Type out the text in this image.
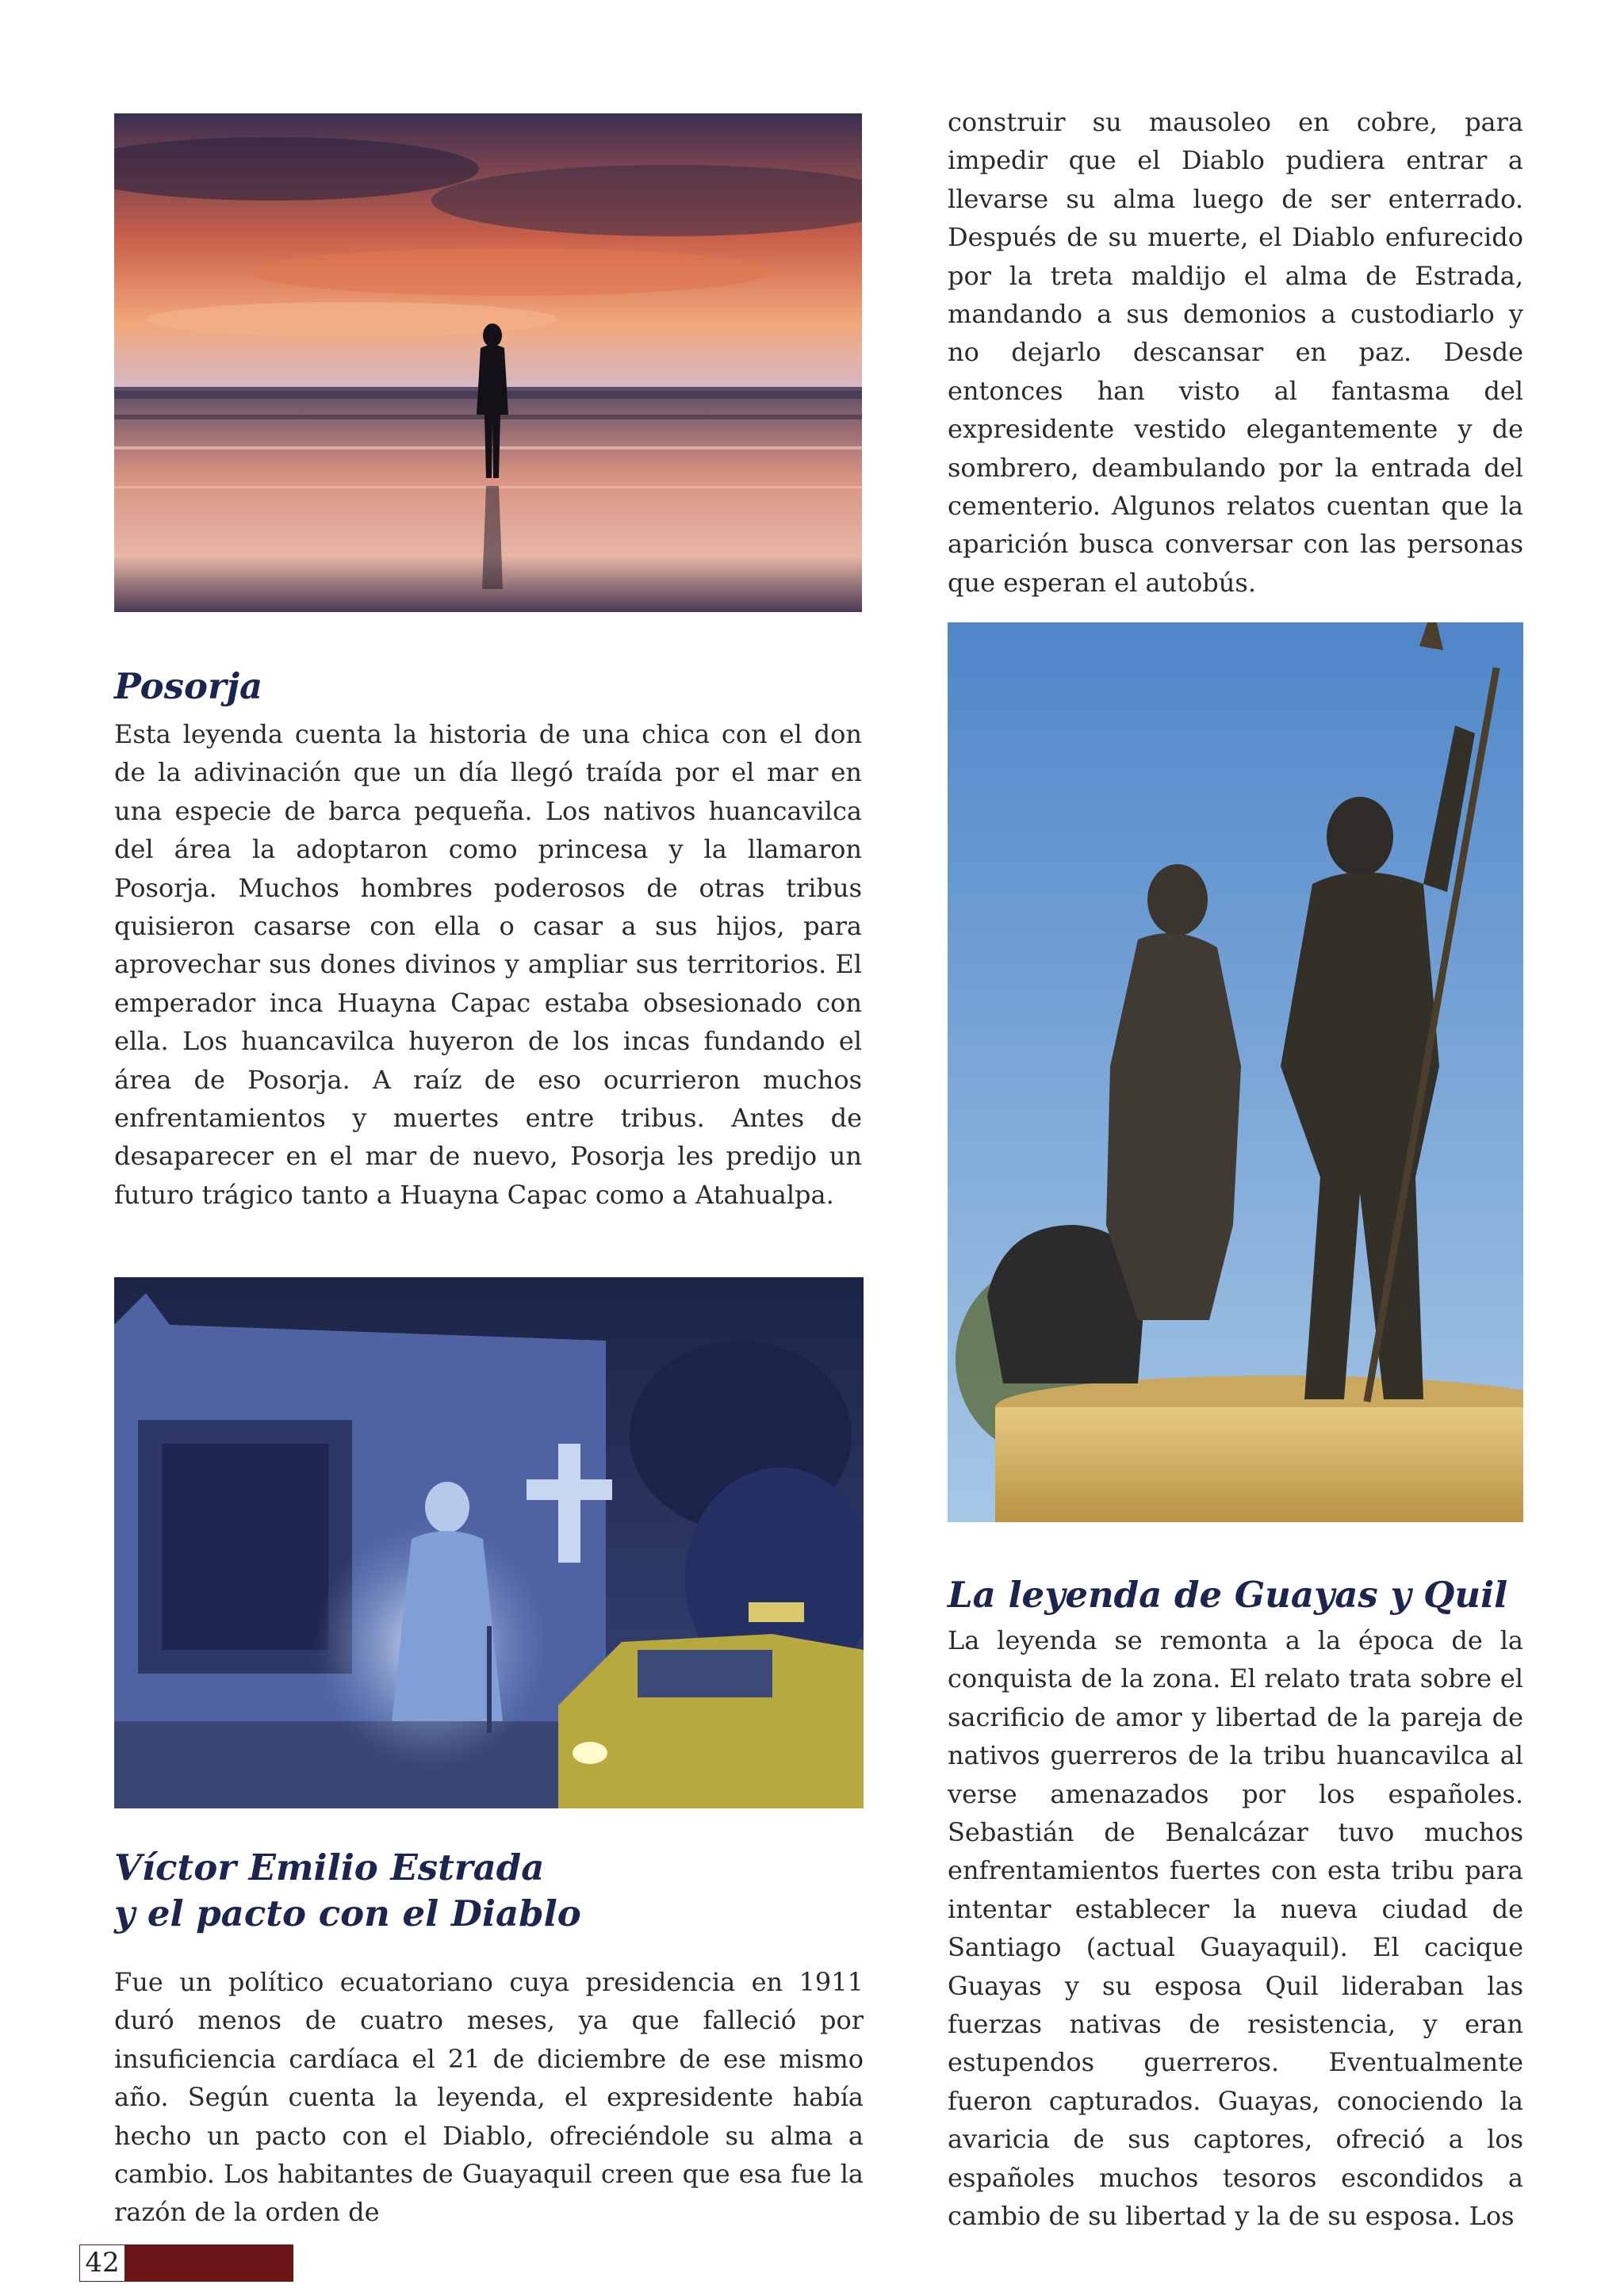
construir su mausoleo en cobre, para impedir que el Diablo pudiera entrar a llevarse su alma luego de ser enterrado. Después de su muerte, el Diablo enfurecido por la treta maldijo el alma de Estrada, mandando a sus demonios a custodiarlo y no dejarlo descansar en paz. Desde entonces han visto al fantasma del expresidente vestido elegantemente y de sombrero, deambulando por la entrada del cementerio. Algunos relatos cuentan que la aparición busca conversar con las personas que esperan el autobús.

Posorja

Esta leyenda cuenta la historia de una chica con el don de la adivinación que un día llegó traída por el mar en una especie de barca pequeña. Los nativos huancavilca del área la adoptaron como princesa y la llamaron Posorja. Muchos hombres poderosos de otras tribus quisieron casarse con ella o casar a sus hijos, para aprovechar sus dones divinos y ampliar sus territorios. El emperador inca Huayna Capac estaba obsesionado con ella. Los huancavilca huyeron de los incas fundando el área de Posorja. A raíz de eso ocurrieron muchos enfrentamientos y muertes entre tribus. Antes de desaparecer en el mar de nuevo, Posorja les predijo un futuro trágico tanto a Huayna Capac como a Atahualpa.

Víctor Emilio Estrada
y el pacto con el Diablo

Fue un político ecuatoriano cuya presidencia en 1911 duró menos de cuatro meses, ya que falleció por insuficiencia cardíaca el 21 de diciembre de ese mismo año. Según cuenta la leyenda, el expresidente había hecho un pacto con el Diablo, ofreciéndole su alma a cambio. Los habitantes de Guayaquil creen que esa fue la razón de la orden de

La leyenda de Guayas y Quil

La leyenda se remonta a la época de la conquista de la zona. El relato trata sobre el sacrificio de amor y libertad de la pareja de nativos guerreros de la tribu huancavilca al verse amenazados por los españoles. Sebastián de Benalcázar tuvo muchos enfrentamientos fuertes con esta tribu para intentar establecer la nueva ciudad de Santiago (actual Guayaquil). El cacique Guayas y su esposa Quil lideraban las fuerzas nativas de resistencia, y eran estupendos guerreros. Eventualmente fueron capturados. Guayas, conociendo la avaricia de sus captores, ofreció a los españoles muchos tesoros escondidos a cambio de su libertad y la de su esposa. Los

42
